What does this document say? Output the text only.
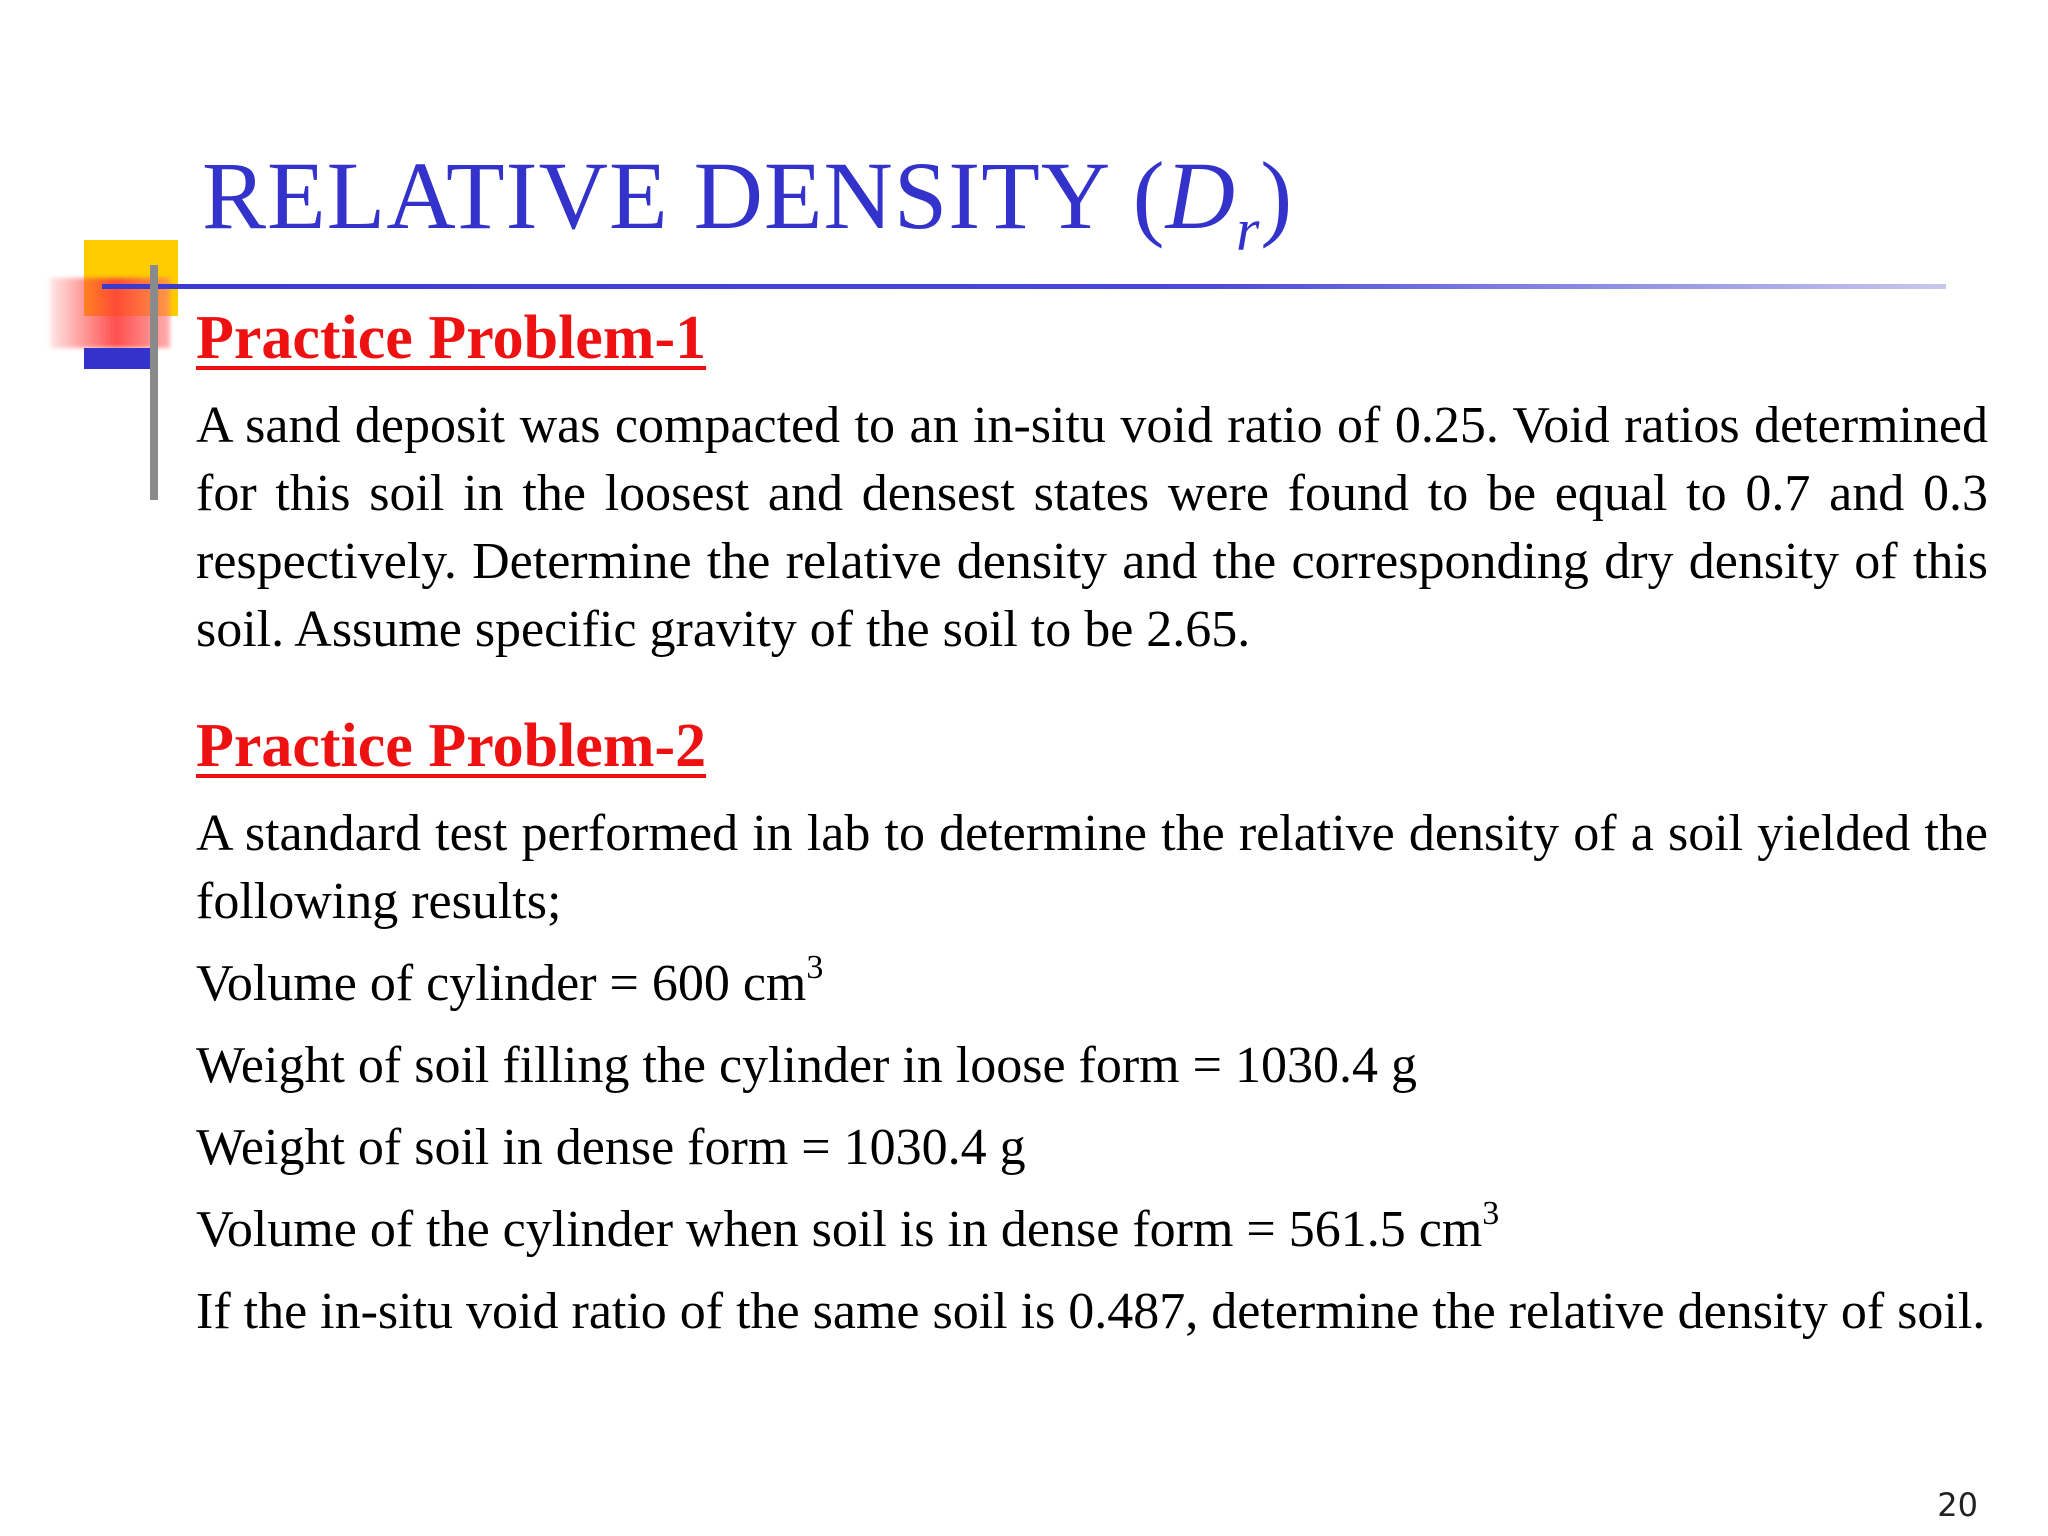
RELATIVE DENSITY $(D_r)$

Practice Problem-1

A sand deposit was compacted to an in-situ void ratio of 0.25. Void ratios determined for this soil in the loosest and densest states were found to be equal to 0.7 and 0.3 respectively. Determine the relative density and the corresponding dry density of this soil. Assume specific gravity of the soil to be 2.65.

Practice Problem-2

A standard test performed in lab to determine the relative density of a soil yielded the following results;

Volume of cylinder = 600 $cm^3$

Weight of soil filling the cylinder in loose form = 1030.4 g

Weight of soil in dense form = 1030.4 g

Volume of the cylinder when soil is in dense form = 561.5 $cm^3$

If the in-situ void ratio of the same soil is 0.487, determine the relative density of soil.

20
